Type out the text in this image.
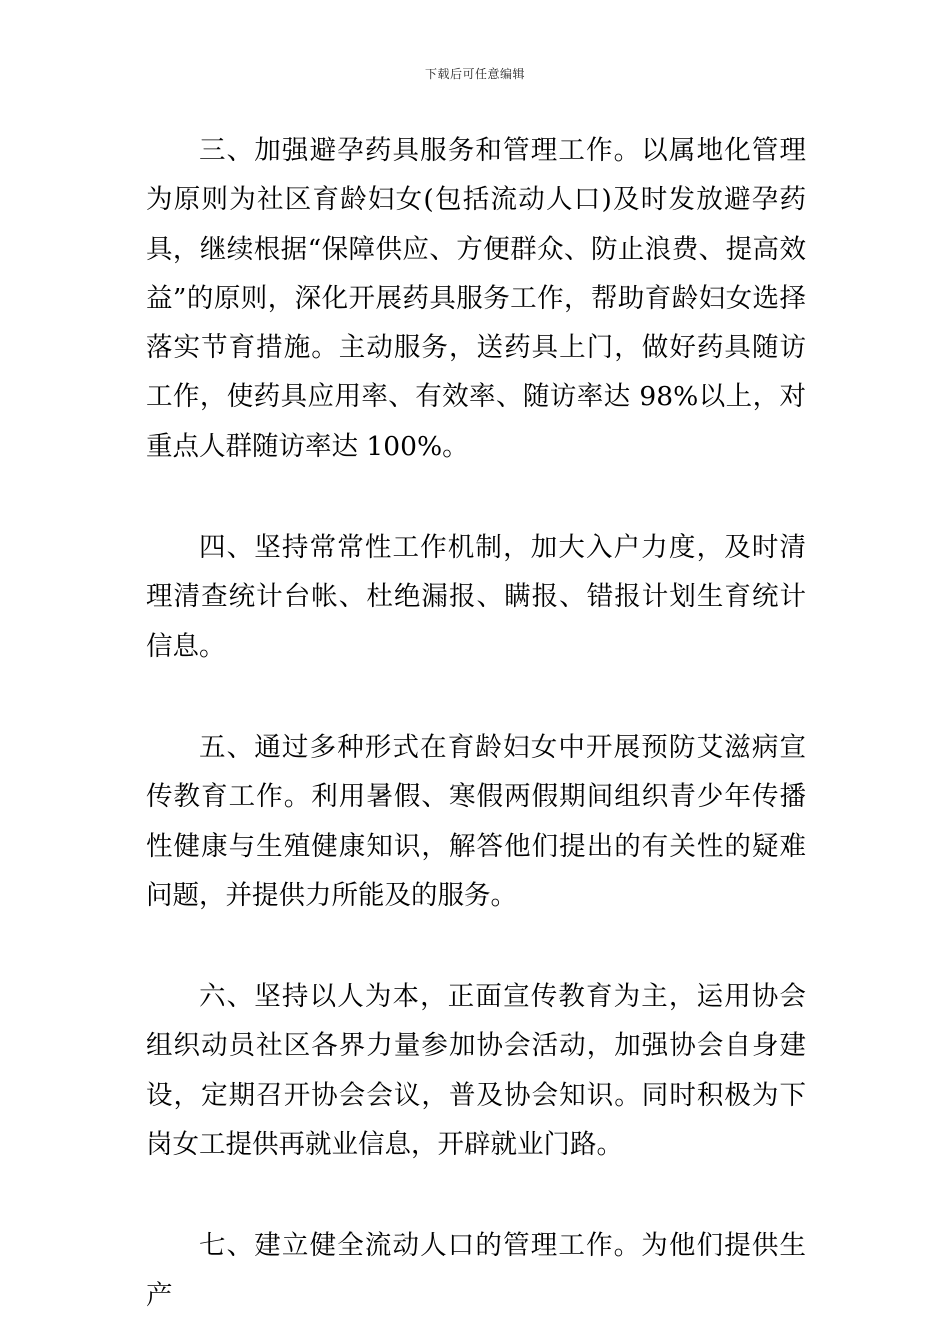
下载后可任意编辑

三、加强避孕药具服务和管理工作。以属地化管理为原则为社区育龄妇女(包括流动人口)及时发放避孕药具，继续根据“保障供应、方便群众、防止浪费、提高效益”的原则，深化开展药具服务工作，帮助育龄妇女选择落实节育措施。主动服务，送药具上门，做好药具随访工作，使药具应用率、有效率、随访率达 98%以上，对重点人群随访率达 100%。

四、坚持常常性工作机制，加大入户力度，及时清理清查统计台帐、杜绝漏报、瞒报、错报计划生育统计信息。

五、通过多种形式在育龄妇女中开展预防艾滋病宣传教育工作。利用暑假、寒假两假期间组织青少年传播性健康与生殖健康知识，解答他们提出的有关性的疑难问题，并提供力所能及的服务。

六、坚持以人为本，正面宣传教育为主，运用协会组织动员社区各界力量参加协会活动，加强协会自身建设，定期召开协会会议，普及协会知识。同时积极为下岗女工提供再就业信息，开辟就业门路。

七、建立健全流动人口的管理工作。为他们提供生产
